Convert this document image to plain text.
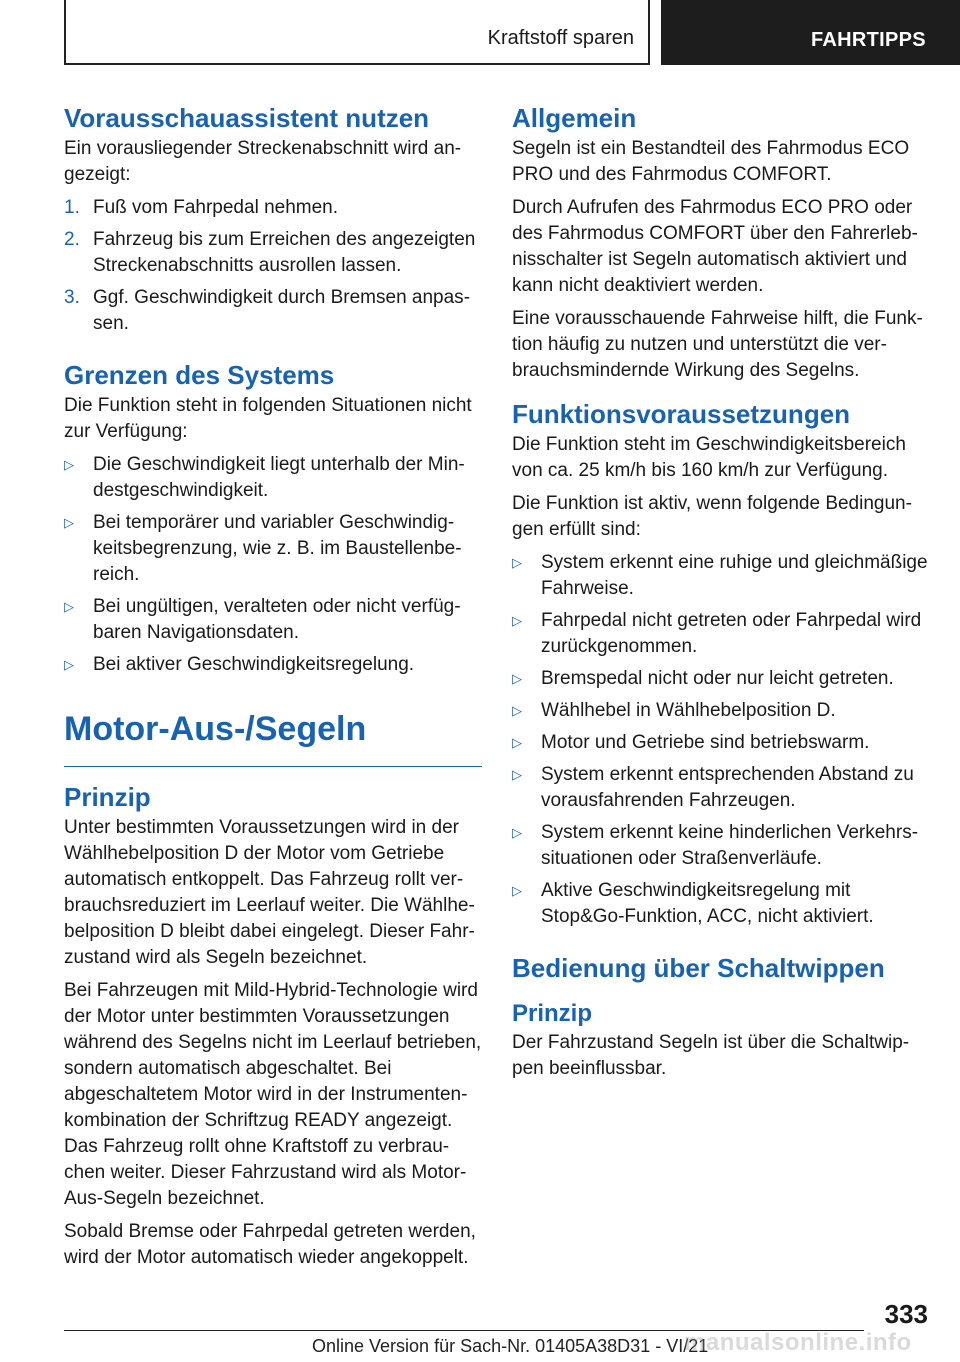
Kraftstoff sparen	FAHRTIPPS
Vorausschauassistent nutzen

Ein vorausliegender Streckenabschnitt wird angezeigt:

1. Fuß vom Fahrpedal nehmen.
2. Fahrzeug bis zum Erreichen des angezeigten Streckenabschnitts ausrollen lassen.
3. Ggf. Geschwindigkeit durch Bremsen anpassen.
Grenzen des Systems

Die Funktion steht in folgenden Situationen nicht zur Verfügung:

▷ Die Geschwindigkeit liegt unterhalb der Mindestgeschwindigkeit.
▷ Bei temporärer und variabler Geschwindigkeitsbegrenzung, wie z. B. im Baustellenbereich.
▷ Bei ungültigen, veralteten oder nicht verfügbaren Navigationsdaten.
▷ Bei aktiver Geschwindigkeitsregelung.
Motor-Aus-/Segeln
Prinzip

Unter bestimmten Voraussetzungen wird in der Wählhebelposition D der Motor vom Getriebe automatisch entkoppelt. Das Fahrzeug rollt verbrauchsreduziert im Leerlauf weiter. Die Wählhebelposition D bleibt dabei eingelegt. Dieser Fahrzustand wird als Segeln bezeichnet.

Bei Fahrzeugen mit Mild-Hybrid-Technologie wird der Motor unter bestimmten Voraussetzungen während des Segelns nicht im Leerlauf betrieben, sondern automatisch abgeschaltet. Bei abgeschaltetem Motor wird in der Instrumentenkombination der Schriftzug READY angezeigt. Das Fahrzeug rollt ohne Kraftstoff zu verbrauchen weiter. Dieser Fahrzustand wird als Motor-Aus-Segeln bezeichnet.

Sobald Bremse oder Fahrpedal getreten werden, wird der Motor automatisch wieder angekoppelt.

Allgemein

Segeln ist ein Bestandteil des Fahrmodus ECO PRO und des Fahrmodus COMFORT.

Durch Aufrufen des Fahrmodus ECO PRO oder des Fahrmodus COMFORT über den Fahrerlebnisschalter ist Segeln automatisch aktiviert und kann nicht deaktiviert werden.

Eine vorausschauende Fahrweise hilft, die Funktion häufig zu nutzen und unterstützt die verbrauchsmindernde Wirkung des Segelns.

Funktionsvoraussetzungen

Die Funktion steht im Geschwindigkeitsbereich von ca. 25 km/h bis 160 km/h zur Verfügung.

Die Funktion ist aktiv, wenn folgende Bedingungen erfüllt sind:

▷ System erkennt eine ruhige und gleichmäßige Fahrweise.
▷ Fahrpedal nicht getreten oder Fahrpedal wird zurückgenommen.
▷ Bremspedal nicht oder nur leicht getreten.
▷ Wählhebel in Wählhebelposition D.
▷ Motor und Getriebe sind betriebswarm.
▷ System erkennt entsprechenden Abstand zu vorausfahrenden Fahrzeugen.
▷ System erkennt keine hinderlichen Verkehrssituationen oder Straßenverläufe.
▷ Aktive Geschwindigkeitsregelung mit Stop&Go-Funktion, ACC, nicht aktiviert.
Bedienung über Schaltwippen
Prinzip

Der Fahrzustand Segeln ist über die Schaltwippen beeinflussbar.

333
Online Version für Sach-Nr. 01405A38D31 - VI/21
manualsonline.info
